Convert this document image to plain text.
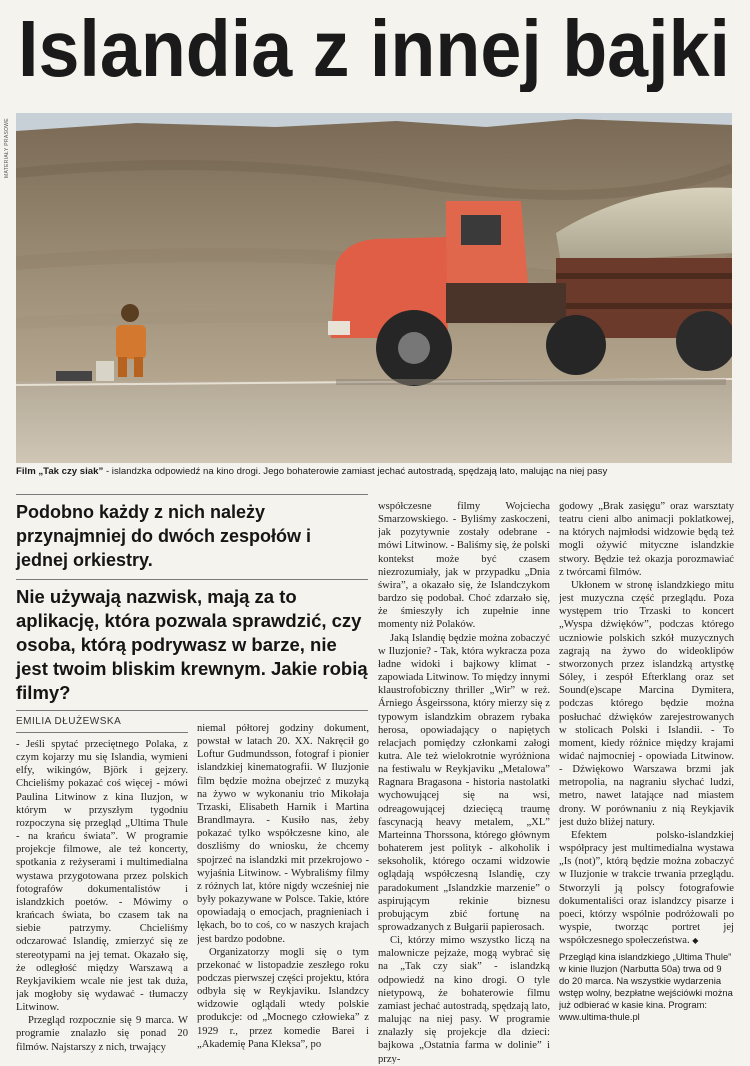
Islandia z innej bajki
MATERIAŁY PRASOWE
Film „Tak czy siak” - islandzka odpowiedź na kino drogi. Jego bohaterowie zamiast jechać autostradą, spędzają lato, malując na niej pasy

Podobno każdy z nich należy przynajmniej do dwóch zespołów i jednej orkiestry.

Nie używają nazwisk, mają za to aplikację, która pozwala sprawdzić, czy osoba, którą podrywasz w barze, nie jest twoim bliskim krewnym. Jakie robią filmy?

EMILIA DŁUŻEWSKA

- Jeśli spytać przeciętnego Polaka, z czym kojarzy mu się Islandia, wymieni elfy, wikingów, Björk i gejzery. Chcieliśmy pokazać coś więcej - mówi Paulina Litwinow z kina Iluzjon, w którym w przyszłym tygodniu rozpoczyna się przegląd „Ultima Thule - na krańcu świata”. W programie projekcje filmowe, ale też koncerty, spotkania z reżyserami i multimedialna wystawa przygotowana przez polskich fotografów dokumentalistów i islandzkich poetów. - Mówimy o krańcach świata, bo czasem tak na siebie patrzymy. Chcieliśmy odczarować Islandię, zmierzyć się ze stereotypami na jej temat. Okazało się, że odległość między Warszawą a Reykjavikiem wcale nie jest tak duża, jak mogłoby się wydawać - tłumaczy Litwinow.

Przegląd rozpocznie się 9 marca. W programie znalazło się ponad 20 filmów. Najstarszy z nich, trwający

niemal półtorej godziny dokument, powstał w latach 20. XX. Nakręcił go Loftur Gudmundsson, fotograf i pionier islandzkiej kinematografii. W Iluzjonie film będzie można obejrzeć z muzyką na żywo w wykonaniu trio Mikołaja Trzaski, Elisabeth Harnik i Martina Brandlmayra. - Kusiło nas, żeby pokazać tylko współczesne kino, ale doszliśmy do wniosku, że chcemy spojrzeć na islandzki mit przekrojowo - wyjaśnia Litwinow. - Wybraliśmy filmy z różnych lat, które nigdy wcześniej nie były pokazywane w Polsce. Takie, które opowiadają o emocjach, pragnieniach i lękach, bo to coś, co w naszych krajach jest bardzo podobne.

Organizatorzy mogli się o tym przekonać w listopadzie zeszłego roku podczas pierwszej części projektu, która odbyła się w Reykjaviku. Islandzcy widzowie oglądali wtedy polskie produkcje: od „Mocnego człowieka” z 1929 r., przez komedie Barei i „Akademię Pana Kleksa”, po

współczesne filmy Wojciecha Smarzowskiego. - Byliśmy zaskoczeni, jak pozytywnie zostały odebrane - mówi Litwinow. - Baliśmy się, że polski kontekst może być czasem niezrozumiały, jak w przypadku „Dnia świra”, a okazało się, że Islandczykom bardzo się podobał. Choć zdarzało się, że śmieszyły ich zupełnie inne momenty niż Polaków.

Jaką Islandię będzie można zobaczyć w Iluzjonie? - Tak, która wykracza poza ładne widoki i bajkowy klimat - zapowiada Litwinow. To między innymi klaustrofobiczny thriller „Wir” w reż. Árniego Ásgeirssona, który mierzy się z typowym islandzkim obrazem rybaka herosa, opowiadający o napiętych relacjach pomiędzy członkami załogi kutra. Ale też wielokrotnie wyróżniona na festiwalu w Reykjaviku „Metalowa” Ragnara Bragasona - historia nastolatki wychowującej się na wsi, odreagowującej dziecięcą traumę fascynacją heavy metalem, „XL” Marteinna Thorssona, którego głównym bohaterem jest polityk - alkoholik i seksoholik, którego oczami widzowie oglądają współczesną Islandię, czy paradokument „Islandzkie marzenie” o aspirującym rekinie biznesu probującym zbić fortunę na sprowadzanych z Bułgarii papierosach.

Ci, którzy mimo wszystko liczą na malownicze pejzaże, mogą wybrać się na „Tak czy siak” - islandzką odpowiedź na kino drogi. O tyle nietypową, że bohaterowie filmu zamiast jechać autostradą, spędzają lato, malując na niej pasy. W programie znalazły się projekcje dla dzieci: bajkowa „Ostatnia farma w dolinie” i przy-

godowy „Brak zasięgu” oraz warsztaty teatru cieni albo animacji poklatkowej, na których najmłodsi widzowie będą też mogli ożywić mityczne islandzkie stwory. Będzie też okazja porozmawiać z twórcami filmów.

Ukłonem w stronę islandzkiego mitu jest muzyczna część przeglądu. Poza występem trio Trzaski to koncert „Wyspa dźwięków”, podczas którego uczniowie polskich szkół muzycznych zagrają na żywo do wideoklipów stworzonych przez islandzką artystkę Sóley, i zespół Efterklang oraz set Sound(e)scape Marcina Dymitera, podczas którego będzie można posłuchać dźwięków zarejestrowanych w stolicach Polski i Islandii. - To moment, kiedy różnice między krajami widać najmocniej - opowiada Litwinow. - Dźwiękowo Warszawa brzmi jak metropolia, na nagraniu słychać ludzi, metro, nawet latające nad miastem drony. W porównaniu z nią Reykjavik jest dużo bliżej natury.

Efektem polsko-islandzkiej współpracy jest multimedialna wystawa „Is (not)”, którą będzie można zobaczyć w Iluzjonie w trakcie trwania przeglądu. Stworzyli ją polscy fotografowie dokumentaliści oraz islandzcy pisarze i poeci, którzy wspólnie podróżowali po wyspie, tworząc portret jej współczesnego społeczeństwa. ◆

Przegląd kina islandzkiego „Ultima Thule” w kinie Iluzjon (Narbutta 50a) trwa od 9 do 20 marca. Na wszystkie wydarzenia wstęp wolny, bezpłatne wejściówki można już odbierać w kasie kina. Program: www.ultima-thule.pl
